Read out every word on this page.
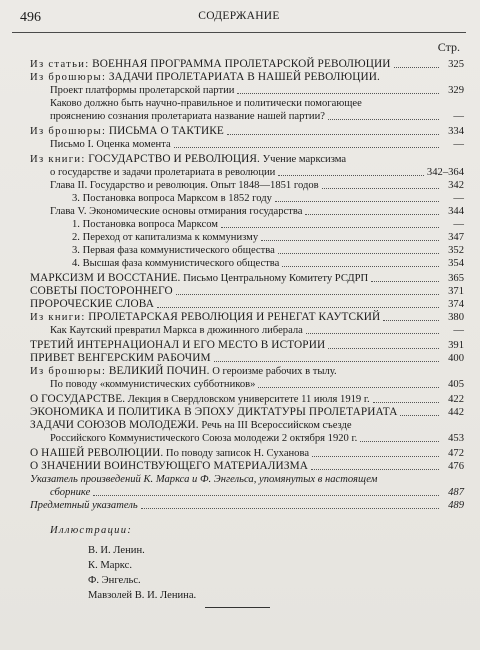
496	СОДЕРЖАНИЕ
Стр.
Из статьи: ВОЕННАЯ ПРОГРАММА ПРОЛЕТАРСКОЙ РЕВОЛЮЦИИ	325
Из брошюры: ЗАДАЧИ ПРОЛЕТАРИАТА В НАШЕЙ РЕВОЛЮЦИИ.
Проект платформы пролетарской партии	329
Каково должно быть научно-правильное и политически помогающее
прояснению сознания пролетариата название нашей партии?	—
Из брошюры: ПИСЬМА О ТАКТИКЕ	334
Письмо I. Оценка момента	—
Из книги: ГОСУДАРСТВО И РЕВОЛЮЦИЯ. Учение марксизма
о государстве и задачи пролетариата в революции	342–364
Глава II. Государство и революция. Опыт 1848—1851 годов	342
3. Постановка вопроса Марксом в 1852 году	—
Глава V. Экономические основы отмирания государства	344
1. Постановка вопроса Марксом	—
2. Переход от капитализма к коммунизму	347
3. Первая фаза коммунистического общества	352
4. Высшая фаза коммунистического общества	354
МАРКСИЗМ И ВОССТАНИЕ. Письмо Центральному Комитету РСДРП	365
СОВЕТЫ ПОСТОРОННЕГО	371
ПРОРОЧЕСКИЕ СЛОВА	374
Из книги: ПРОЛЕТАРСКАЯ РЕВОЛЮЦИЯ И РЕНЕГАТ КАУТСКИЙ	380
Как Каутский превратил Маркса в дюжинного либерала	—
ТРЕТИЙ ИНТЕРНАЦИОНАЛ И ЕГО МЕСТО В ИСТОРИИ	391
ПРИВЕТ ВЕНГЕРСКИМ РАБОЧИМ	400
Из брошюры: ВЕЛИКИЙ ПОЧИН. О героизме рабочих в тылу.
По поводу «коммунистических субботников»	405
О ГОСУДАРСТВЕ. Лекция в Свердловском университете 11 июля 1919 г.	422
ЭКОНОМИКА И ПОЛИТИКА В ЭПОХУ ДИКТАТУРЫ ПРОЛЕТАРИАТА	442
ЗАДАЧИ СОЮЗОВ МОЛОДЕЖИ. Речь на III Всероссийском съезде
Российского Коммунистического Союза молодежи 2 октября 1920 г.	453
О НАШЕЙ РЕВОЛЮЦИИ. По поводу записок Н. Суханова	472
О ЗНАЧЕНИИ ВОИНСТВУЮЩЕГО МАТЕРИАЛИЗМА	476
Указатель произведений К. Маркса и Ф. Энгельса, упомянутых в настоящем
сборнике	487
Предметный указатель	489
Иллюстрации:
В. И. Ленин.
К. Маркс.
Ф. Энгельс.
Мавзолей В. И. Ленина.
